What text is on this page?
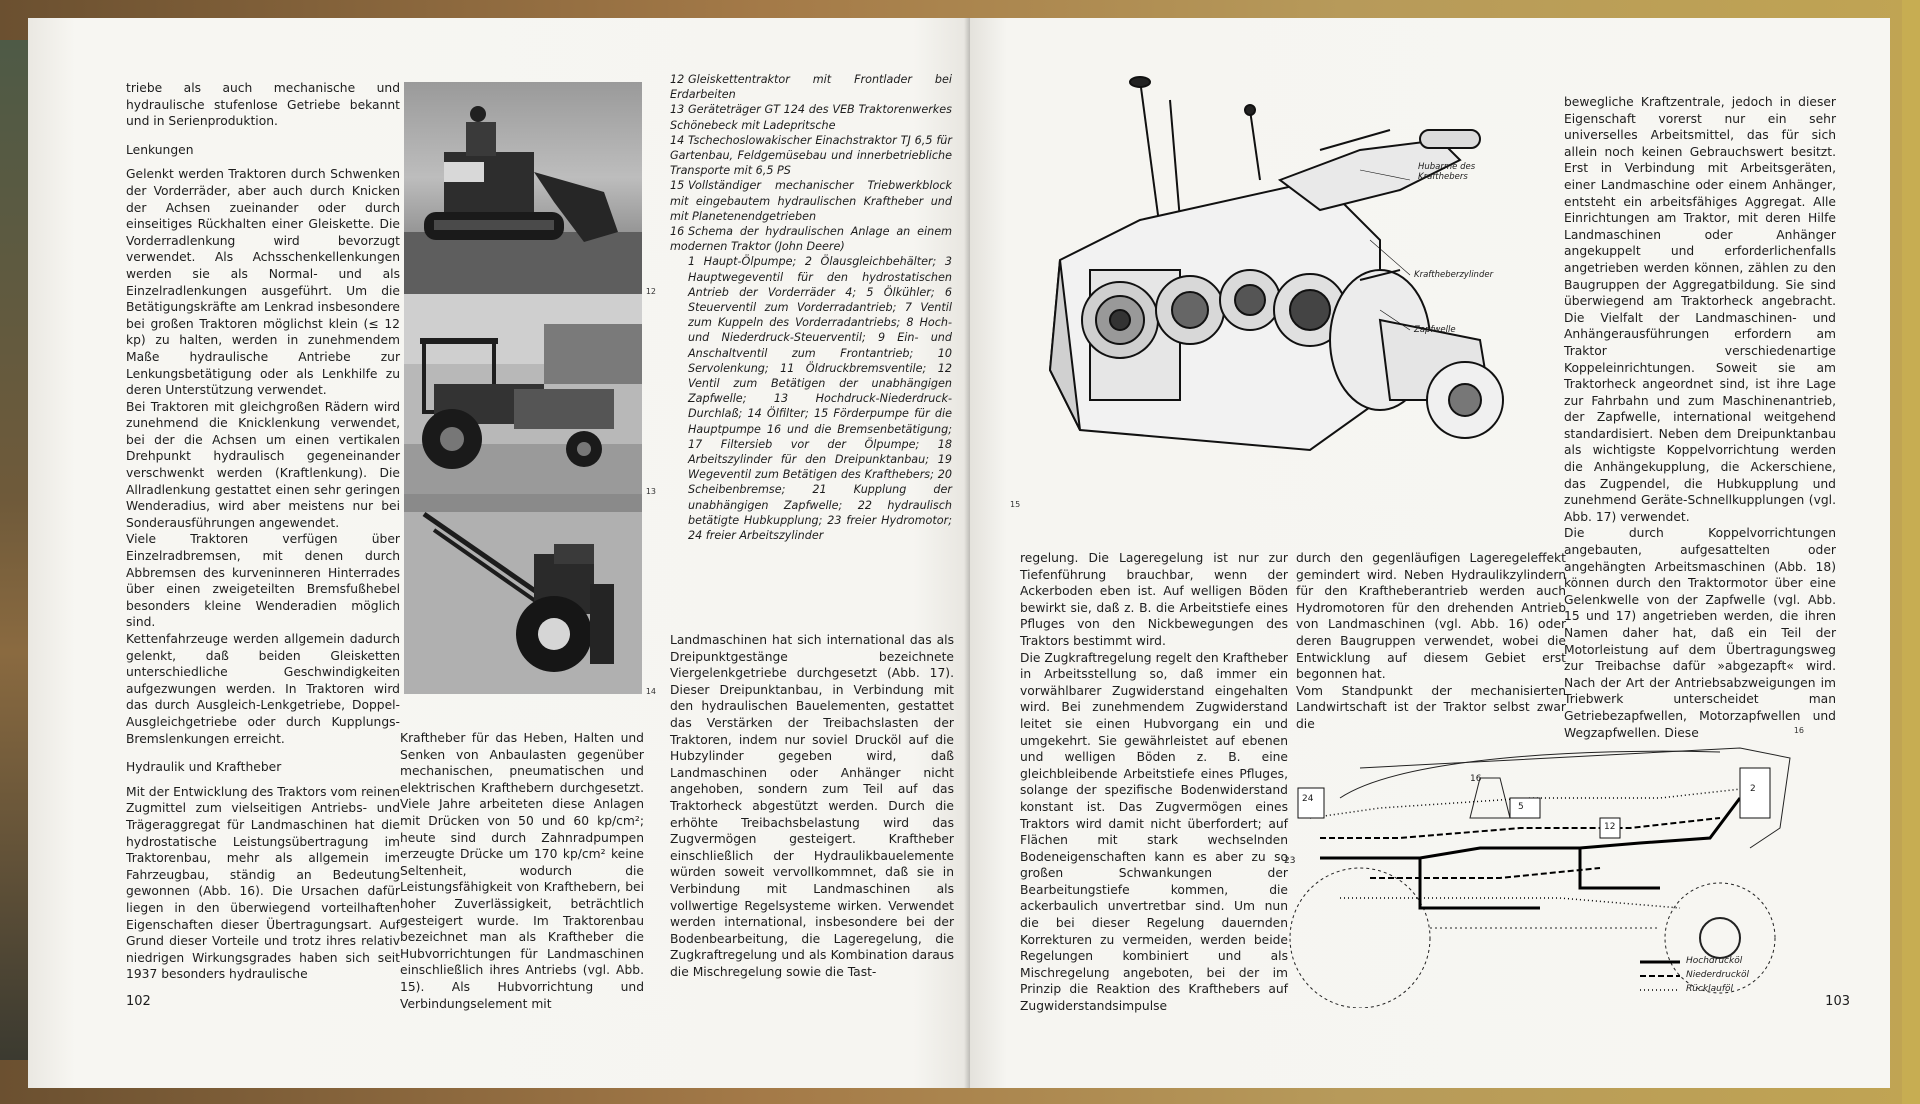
triebe als auch mechanische und hydraulische stufenlose Getriebe bekannt und in Serienproduktion.

Lenkungen

Gelenkt werden Traktoren durch Schwenken der Vorderräder, aber auch durch Knicken der Achsen zueinander oder durch einseitiges Rückhalten einer Gleiskette. Die Vorderradlenkung wird bevorzugt verwendet. Als Achsschenkellenkungen werden sie als Normal- und als Einzelradlenkungen ausgeführt. Um die Betätigungskräfte am Lenkrad insbesondere bei großen Traktoren möglichst klein (≤ 12 kp) zu halten, werden in zunehmendem Maße hydraulische Antriebe zur Lenkungsbetätigung oder als Lenkhilfe zu deren Unterstützung verwendet.

Bei Traktoren mit gleichgroßen Rädern wird zunehmend die Knicklenkung verwendet, bei der die Achsen um einen vertikalen Drehpunkt hydraulisch gegeneinander verschwenkt werden (Kraftlenkung). Die Allradlenkung gestattet einen sehr geringen Wenderadius, wird aber meistens nur bei Sonderausführungen angewendet.

Viele Traktoren verfügen über Einzelradbremsen, mit denen durch Abbremsen des kurveninneren Hinterrades über einen zweigeteilten Bremsfußhebel besonders kleine Wenderadien möglich sind.

Kettenfahrzeuge werden allgemein dadurch gelenkt, daß beiden Gleisketten unterschiedliche Geschwindigkeiten aufgezwungen werden. In Traktoren wird das durch Ausgleich-Lenkgetriebe, Doppel-Ausgleichgetriebe oder durch Kupplungs-Bremslenkungen erreicht.

Hydraulik und Kraftheber

Mit der Entwicklung des Traktors vom reinen Zugmittel zum vielseitigen Antriebs- und Trägeraggregat für Landmaschinen hat die hydrostatische Leistungsübertragung im Traktorenbau, mehr als allgemein im Fahrzeugbau, ständig an Bedeutung gewonnen (Abb. 16). Die Ursachen dafür liegen in den überwiegend vorteilhaften Eigenschaften dieser Übertragungsart. Auf Grund dieser Vorteile und trotz ihres relativ niedrigen Wirkungsgrades haben sich seit 1937 besonders hydraulische

12
13
14

Kraftheber für das Heben, Halten und Senken von Anbaulasten gegenüber mechanischen, pneumatischen und elektrischen Krafthebern durchgesetzt. Viele Jahre arbeiteten diese Anlagen mit Drücken von 50 und 60 kp/cm²; heute sind durch Zahnradpumpen erzeugte Drücke um 170 kp/cm² keine Seltenheit, wodurch die Leistungsfähigkeit von Krafthebern, bei hoher Zuverlässigkeit, beträchtlich gesteigert wurde. Im Traktorenbau bezeichnet man als Kraftheber die Hubvorrichtungen für Landmaschinen einschließlich ihres Antriebs (vgl. Abb. 15). Als Hubvorrichtung und Verbindungselement mit

12 Gleiskettentraktor mit Frontlader bei Erdarbeiten

13 Geräteträger GT 124 des VEB Traktorenwerkes Schönebeck mit Ladepritsche

14 Tschechoslowakischer Einachstraktor TJ 6,5 für Gartenbau, Feldgemüsebau und innerbetriebliche Transporte mit 6,5 PS

15 Vollständiger mechanischer Triebwerkblock mit eingebautem hydraulischen Kraftheber und mit Planetenendgetrieben

16 Schema der hydraulischen Anlage an einem modernen Traktor (John Deere)

1 Haupt-Ölpumpe; 2 Ölausgleichbehälter; 3 Hauptwegeventil für den hydrostatischen Antrieb der Vorderräder 4; 5 Ölkühler; 6 Steuerventil zum Vorderradantrieb; 7 Ventil zum Kuppeln des Vorderradantriebs; 8 Hoch- und Niederdruck-Steuerventil; 9 Ein- und Anschaltventil zum Frontantrieb; 10 Servolenkung; 11 Öldruckbremsventile; 12 Ventil zum Betätigen der unabhängigen Zapfwelle; 13 Hochdruck-Niederdruck-Durchlaß; 14 Ölfilter; 15 Förderpumpe für die Hauptpumpe 16 und die Bremsenbetätigung; 17 Filtersieb vor der Ölpumpe; 18 Arbeitszylinder für den Dreipunktanbau; 19 Wegeventil zum Betätigen des Krafthebers; 20 Scheibenbremse; 21 Kupplung der unabhängigen Zapfwelle; 22 hydraulisch betätigte Hubkupplung; 23 freier Hydromotor; 24 freier Arbeitszylinder

Landmaschinen hat sich international das als Dreipunktgestänge bezeichnete Viergelenkgetriebe durchgesetzt (Abb. 17). Dieser Dreipunktanbau, in Verbindung mit den hydraulischen Bauelementen, gestattet das Verstärken der Treibachslasten der Traktoren, indem nur soviel Drucköl auf die Hubzylinder gegeben wird, daß Landmaschinen oder Anhänger nicht angehoben, sondern zum Teil auf das Traktorheck abgestützt werden. Durch die erhöhte Treibachsbelastung wird das Zugvermögen gesteigert. Kraftheber einschließlich der Hydraulikbauelemente würden soweit vervollkommnet, daß sie in Verbindung mit Landmaschinen als vollwertige Regelsysteme wirken. Verwendet werden international, insbesondere bei der Bodenbearbeitung, die Lageregelung, die Zugkraftregelung und als Kombination daraus die Mischregelung sowie die Tast-

102
Hubarme des Krafthebers
Kraftheberzylinder
Zapfwelle
15

regelung. Die Lageregelung ist nur zur Tiefenführung brauchbar, wenn der Ackerboden eben ist. Auf welligen Böden bewirkt sie, daß z. B. die Arbeitstiefe eines Pfluges von den Nickbewegungen des Traktors bestimmt wird.

Die Zugkraftregelung regelt den Kraftheber in Arbeitsstellung so, daß immer ein vorwählbarer Zugwiderstand eingehalten wird. Bei zunehmendem Zugwiderstand leitet sie einen Hubvorgang ein und umgekehrt. Sie gewährleistet auf ebenen und welligen Böden z. B. eine gleichbleibende Arbeitstiefe eines Pfluges, solange der spezifische Bodenwiderstand konstant ist. Das Zugvermögen eines Traktors wird damit nicht überfordert; auf Flächen mit stark wechselnden Bodeneigenschaften kann es aber zu so großen Schwankungen der Bearbeitungstiefe kommen, die ackerbaulich unvertretbar sind. Um nun die bei dieser Regelung dauernden Korrekturen zu vermeiden, werden beide Regelungen kombiniert und als Mischregelung angeboten, bei der im Prinzip die Reaktion des Krafthebers auf Zugwiderstandsimpulse

durch den gegenläufigen Lageregeleffekt gemindert wird. Neben Hydraulikzylindern für den Kraftheberantrieb werden auch Hydromotoren für den drehenden Antrieb von Landmaschinen (vgl. Abb. 16) oder deren Baugruppen verwendet, wobei die Entwicklung auf diesem Gebiet erst begonnen hat.

Vom Standpunkt der mechanisierten Landwirtschaft ist der Traktor selbst zwar die

bewegliche Kraftzentrale, jedoch in dieser Eigenschaft vorerst nur ein sehr universelles Arbeitsmittel, das für sich allein noch keinen Gebrauchswert besitzt. Erst in Verbindung mit Arbeitsgeräten, einer Landmaschine oder einem Anhänger, entsteht ein arbeitsfähiges Aggregat. Alle Einrichtungen am Traktor, mit deren Hilfe Landmaschinen oder Anhänger angekuppelt und erforderlichenfalls angetrieben werden können, zählen zu den Baugruppen der Aggregatbildung. Sie sind überwiegend am Traktorheck angebracht. Die Vielfalt der Landmaschinen- und Anhängerausführungen erfordern am Traktor verschiedenartige Koppeleinrichtungen. Soweit sie am Traktorheck angeordnet sind, ist ihre Lage zur Fahrbahn und zum Maschinenantrieb, der Zapfwelle, international weitgehend standardisiert. Neben dem Dreipunktanbau als wichtigste Koppelvorrichtung werden die Anhängekupplung, die Ackerschiene, das Zugpendel, die Hubkupplung und zunehmend Geräte-Schnellkupplungen (vgl. Abb. 17) verwendet.

Die durch Koppelvorrichtungen angebauten, aufgesattelten oder angehängten Arbeitsmaschinen (Abb. 18) können durch den Traktormotor über eine Gelenkwelle von der Zapfwelle (vgl. Abb. 15 und 17) angetrieben werden, die ihren Namen daher hat, daß ein Teil der Motorleistung auf dem Übertragungsweg zur Treibachse dafür »abgezapft« wird. Nach der Art der Antriebsabzweigungen im Triebwerk unterscheidet man Getriebezapfwellen, Motorzapfwellen und Wegzapfwellen. Diese

24
23
2
5
12
16
Hochdrucköl
Niederdrucköl
Rücklauföl
16
103
